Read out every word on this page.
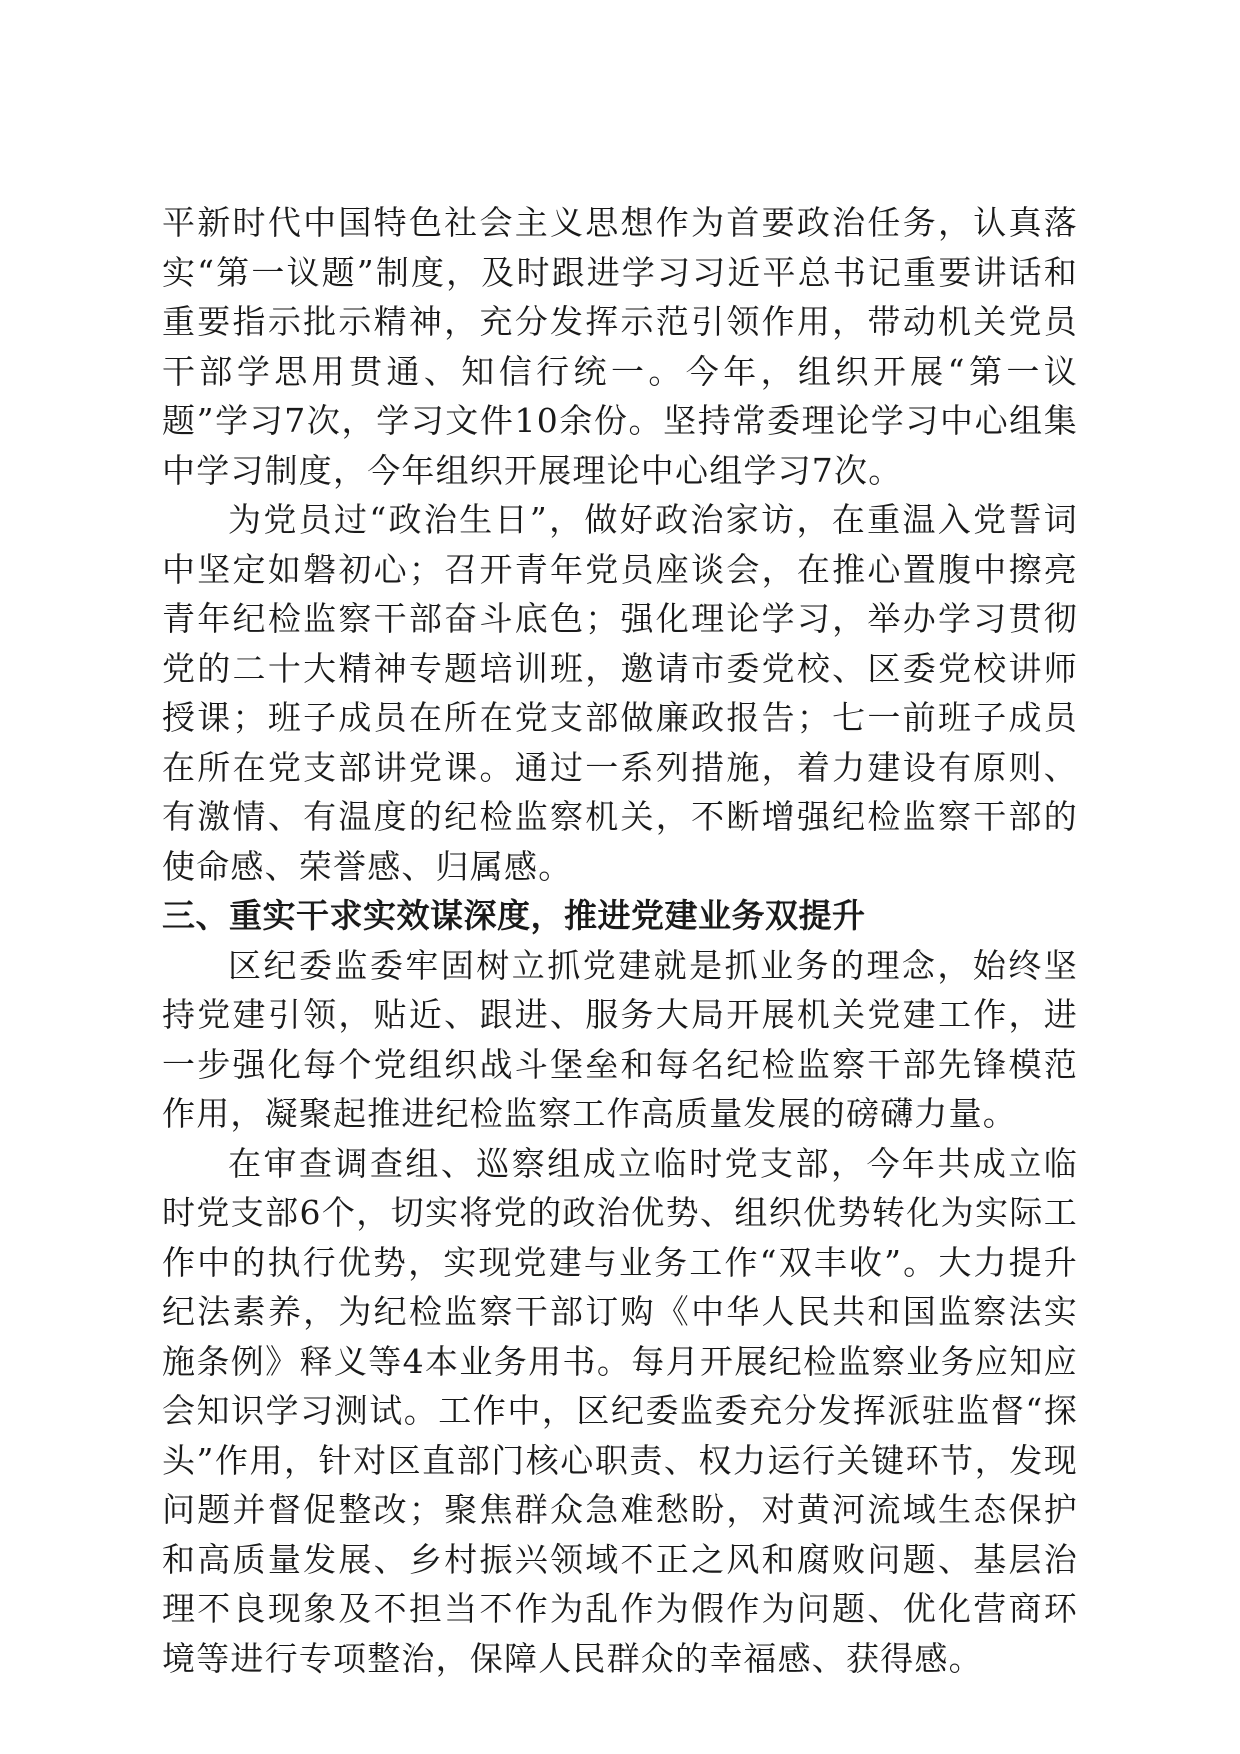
平新时代中国特色社会主义思想作为首要政治任务，认真落实“第一议题”制度，及时跟进学习习近平总书记重要讲话和重要指示批示精神，充分发挥示范引领作用，带动机关党员干部学思用贯通、知信行统一。今年，组织开展“第一议题”学习7次，学习文件10余份。坚持常委理论学习中心组集中学习制度，今年组织开展理论中心组学习7次。

为党员过“政治生日”，做好政治家访，在重温入党誓词中坚定如磐初心；召开青年党员座谈会，在推心置腹中擦亮青年纪检监察干部奋斗底色；强化理论学习，举办学习贯彻党的二十大精神专题培训班，邀请市委党校、区委党校讲师授课；班子成员在所在党支部做廉政报告；七一前班子成员在所在党支部讲党课。通过一系列措施，着力建设有原则、有激情、有温度的纪检监察机关，不断增强纪检监察干部的使命感、荣誉感、归属感。

三、重实干求实效谋深度，推进党建业务双提升

区纪委监委牢固树立抓党建就是抓业务的理念，始终坚持党建引领，贴近、跟进、服务大局开展机关党建工作，进一步强化每个党组织战斗堡垒和每名纪检监察干部先锋模范作用，凝聚起推进纪检监察工作高质量发展的磅礴力量。

在审查调查组、巡察组成立临时党支部，今年共成立临时党支部6个，切实将党的政治优势、组织优势转化为实际工作中的执行优势，实现党建与业务工作“双丰收”。大力提升纪法素养，为纪检监察干部订购《中华人民共和国监察法实施条例》释义等4本业务用书。每月开展纪检监察业务应知应会知识学习测试。工作中，区纪委监委充分发挥派驻监督“探头”作用，针对区直部门核心职责、权力运行关键环节，发现问题并督促整改；聚焦群众急难愁盼，对黄河流域生态保护和高质量发展、乡村振兴领域不正之风和腐败问题、基层治理不良现象及不担当不作为乱作为假作为问题、优化营商环境等进行专项整治，保障人民群众的幸福感、获得感。
